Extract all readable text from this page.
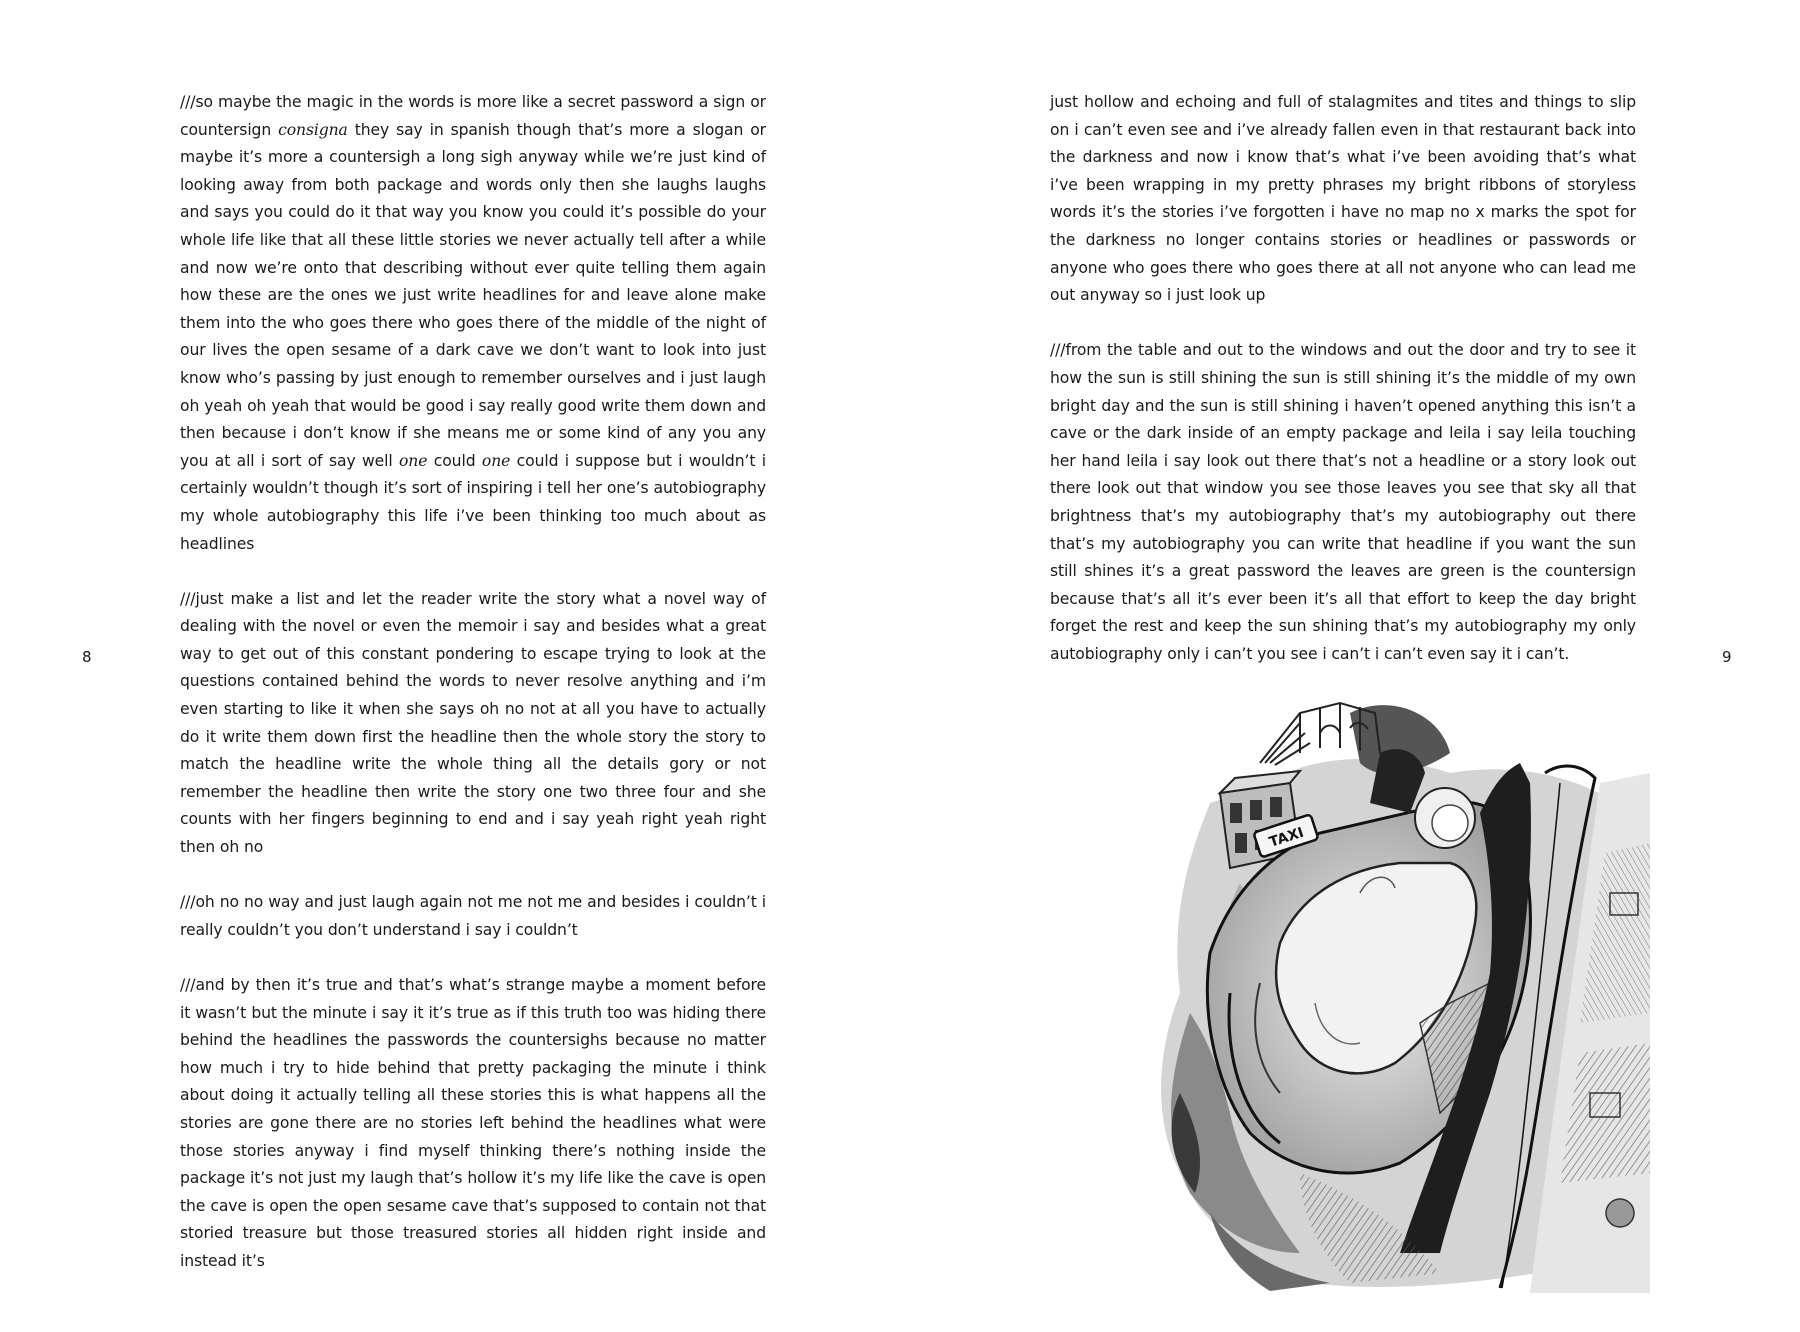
///so maybe the magic in the words is more like a secret password a sign or countersign consigna they say in spanish though that’s more a slogan or maybe it’s more a countersigh a long sigh anyway while we’re just kind of looking away from both package and words only then she laughs laughs and says you could do it that way you know you could it’s possible do your whole life like that all these little stories we never actually tell after a while and now we’re onto that describing without ever quite telling them again how these are the ones we just write headlines for and leave alone make them into the who goes there who goes there of the middle of the night of our lives the open sesame of a dark cave we don’t want to look into just know who’s passing by just enough to remember ourselves and i just laugh oh yeah oh yeah that would be good i say really good write them down and then because i don’t know if she means me or some kind of any you any you at all i sort of say well one could one could i suppose but i wouldn’t i certainly wouldn’t though it’s sort of inspiring i tell her one’s autobiography my whole autobiography this life i’ve been thinking too much about as headlines

///just make a list and let the reader write the story what a novel way of dealing with the novel or even the memoir i say and besides what a great way to get out of this constant pondering to escape trying to look at the questions contained behind the words to never resolve anything and i’m even starting to like it when she says oh no not at all you have to actually do it write them down first the headline then the whole story the story to match the headline write the whole thing all the details gory or not remember the headline then write the story one two three four and she counts with her fingers beginning to end and i say yeah right yeah right then oh no

///oh no no way and just laugh again not me not me and besides i couldn’t i really couldn’t you don’t understand i say i couldn’t

///and by then it’s true and that’s what’s strange maybe a moment before it wasn’t but the minute i say it it’s true as if this truth too was hiding there behind the headlines the passwords the countersighs because no matter how much i try to hide behind that pretty packaging the minute i think about doing it actually telling all these stories this is what happens all the stories are gone there are no stories left behind the headlines what were those stories anyway i find myself thinking there’s nothing inside the package it’s not just my laugh that’s hollow it’s my life like the cave is open the cave is open the open sesame cave that’s supposed to contain not that storied treasure but those treasured stories all hidden right inside and instead it’s

8

just hollow and echoing and full of stalagmites and tites and things to slip on i can’t even see and i’ve already fallen even in that restaurant back into the darkness and now i know that’s what i’ve been avoiding that’s what i’ve been wrapping in my pretty phrases my bright ribbons of storyless words it’s the stories i’ve forgotten i have no map no x marks the spot for the darkness no longer contains stories or headlines or passwords or anyone who goes there who goes there at all not anyone who can lead me out anyway so i just look up

///from the table and out to the windows and out the door and try to see it how the sun is still shining the sun is still shining it’s the middle of my own bright day and the sun is still shining i haven’t opened anything this isn’t a cave or the dark inside of an empty package and leila i say leila touching her hand leila i say look out there that’s not a headline or a story look out there look out that window you see those leaves you see that sky all that brightness that’s my autobiography that’s my autobiography out there that’s my autobiography you can write that headline if you want the sun still shines it’s a great password the leaves are green is the countersign because that’s all it’s ever been it’s all that effort to keep the day bright forget the rest and keep the sun shining that’s my autobiography my only autobiography only i can’t you see i can’t i can’t even say it i can’t.	9
TAXI
